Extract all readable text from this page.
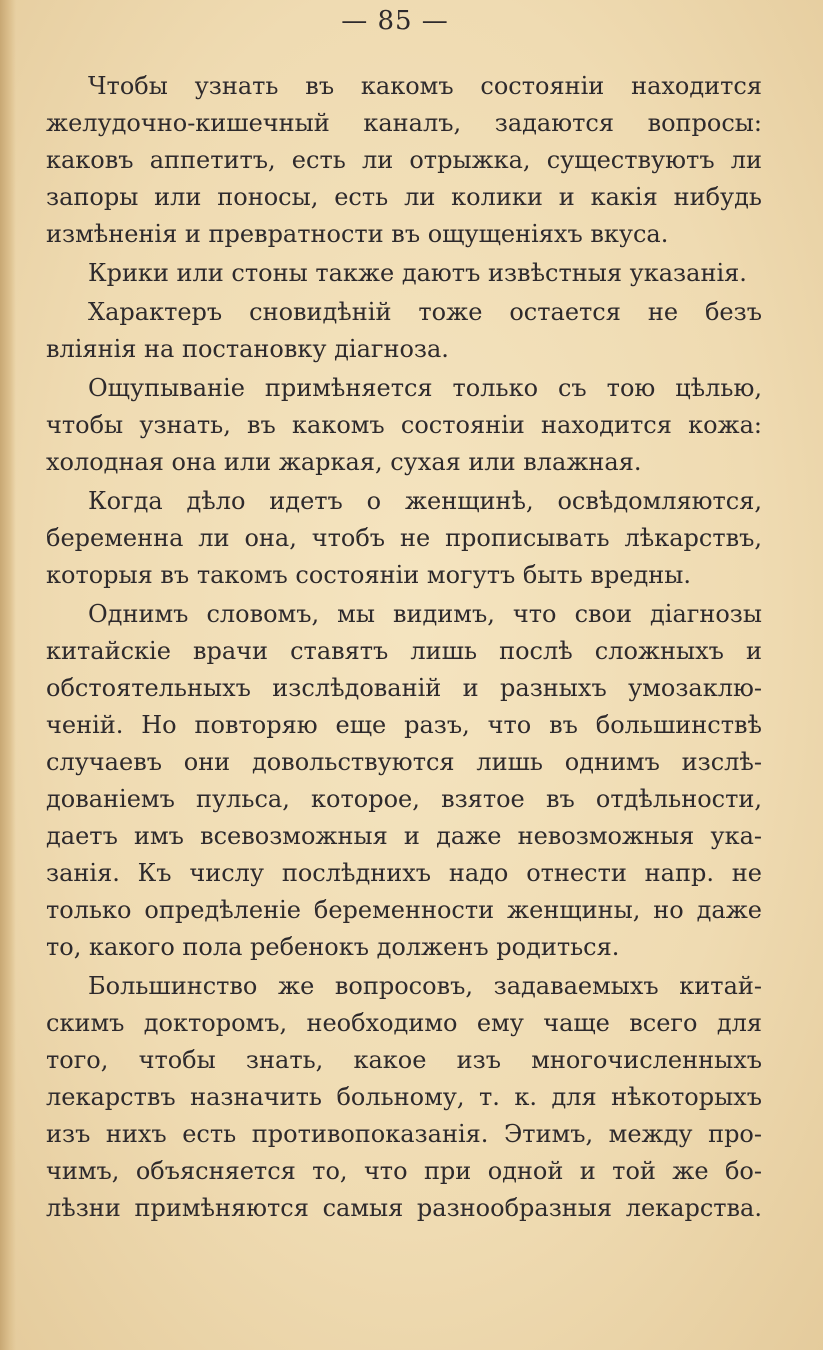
— 85 —

Чтобы узнать въ какомъ состояніи находится
желудочно-кишечный каналъ, задаются вопросы:
каковъ аппетитъ, есть ли отрыжка, существуютъ ли
запоры или поносы, есть ли колики и какія нибудь
измѣненія и превратности въ ощущеніяхъ вкуса.

Крики или стоны также даютъ извѣстныя указанія.

Характеръ сновидѣній тоже остается не безъ
вліянія на постановку діагноза.

Ощупываніе примѣняется только съ тою цѣлью,
чтобы узнать, въ какомъ состояніи находится кожа:
холодная она или жаркая, сухая или влажная.

Когда дѣло идетъ о женщинѣ, освѣдомляются,
беременна ли она, чтобъ не прописывать лѣкарствъ,
которыя въ такомъ состояніи могутъ быть вредны.

Однимъ словомъ, мы видимъ, что свои діагнозы
китайскіе врачи ставятъ лишь послѣ сложныхъ и
обстоятельныхъ изслѣдованій и разныхъ умозаклю-
ченій. Но повторяю еще разъ, что въ большинствѣ
случаевъ они довольствуются лишь однимъ изслѣ-
дованіемъ пульса, которое, взятое въ отдѣльности,
даетъ имъ всевозможныя и даже невозможныя ука-
занія. Къ числу послѣднихъ надо отнести напр. не
только опредѣленіе беременности женщины, но даже
то, какого пола ребенокъ долженъ родиться.

Большинство же вопросовъ, задаваемыхъ китай-
скимъ докторомъ, необходимо ему чаще всего для
того, чтобы знать, какое изъ многочисленныхъ
лекарствъ назначить больному, т. к. для нѣкоторыхъ
изъ нихъ есть противопоказанія. Этимъ, между про-
чимъ, объясняется то, что при одной и той же бо-
лѣзни примѣняются самыя разнообразныя лекарства.
